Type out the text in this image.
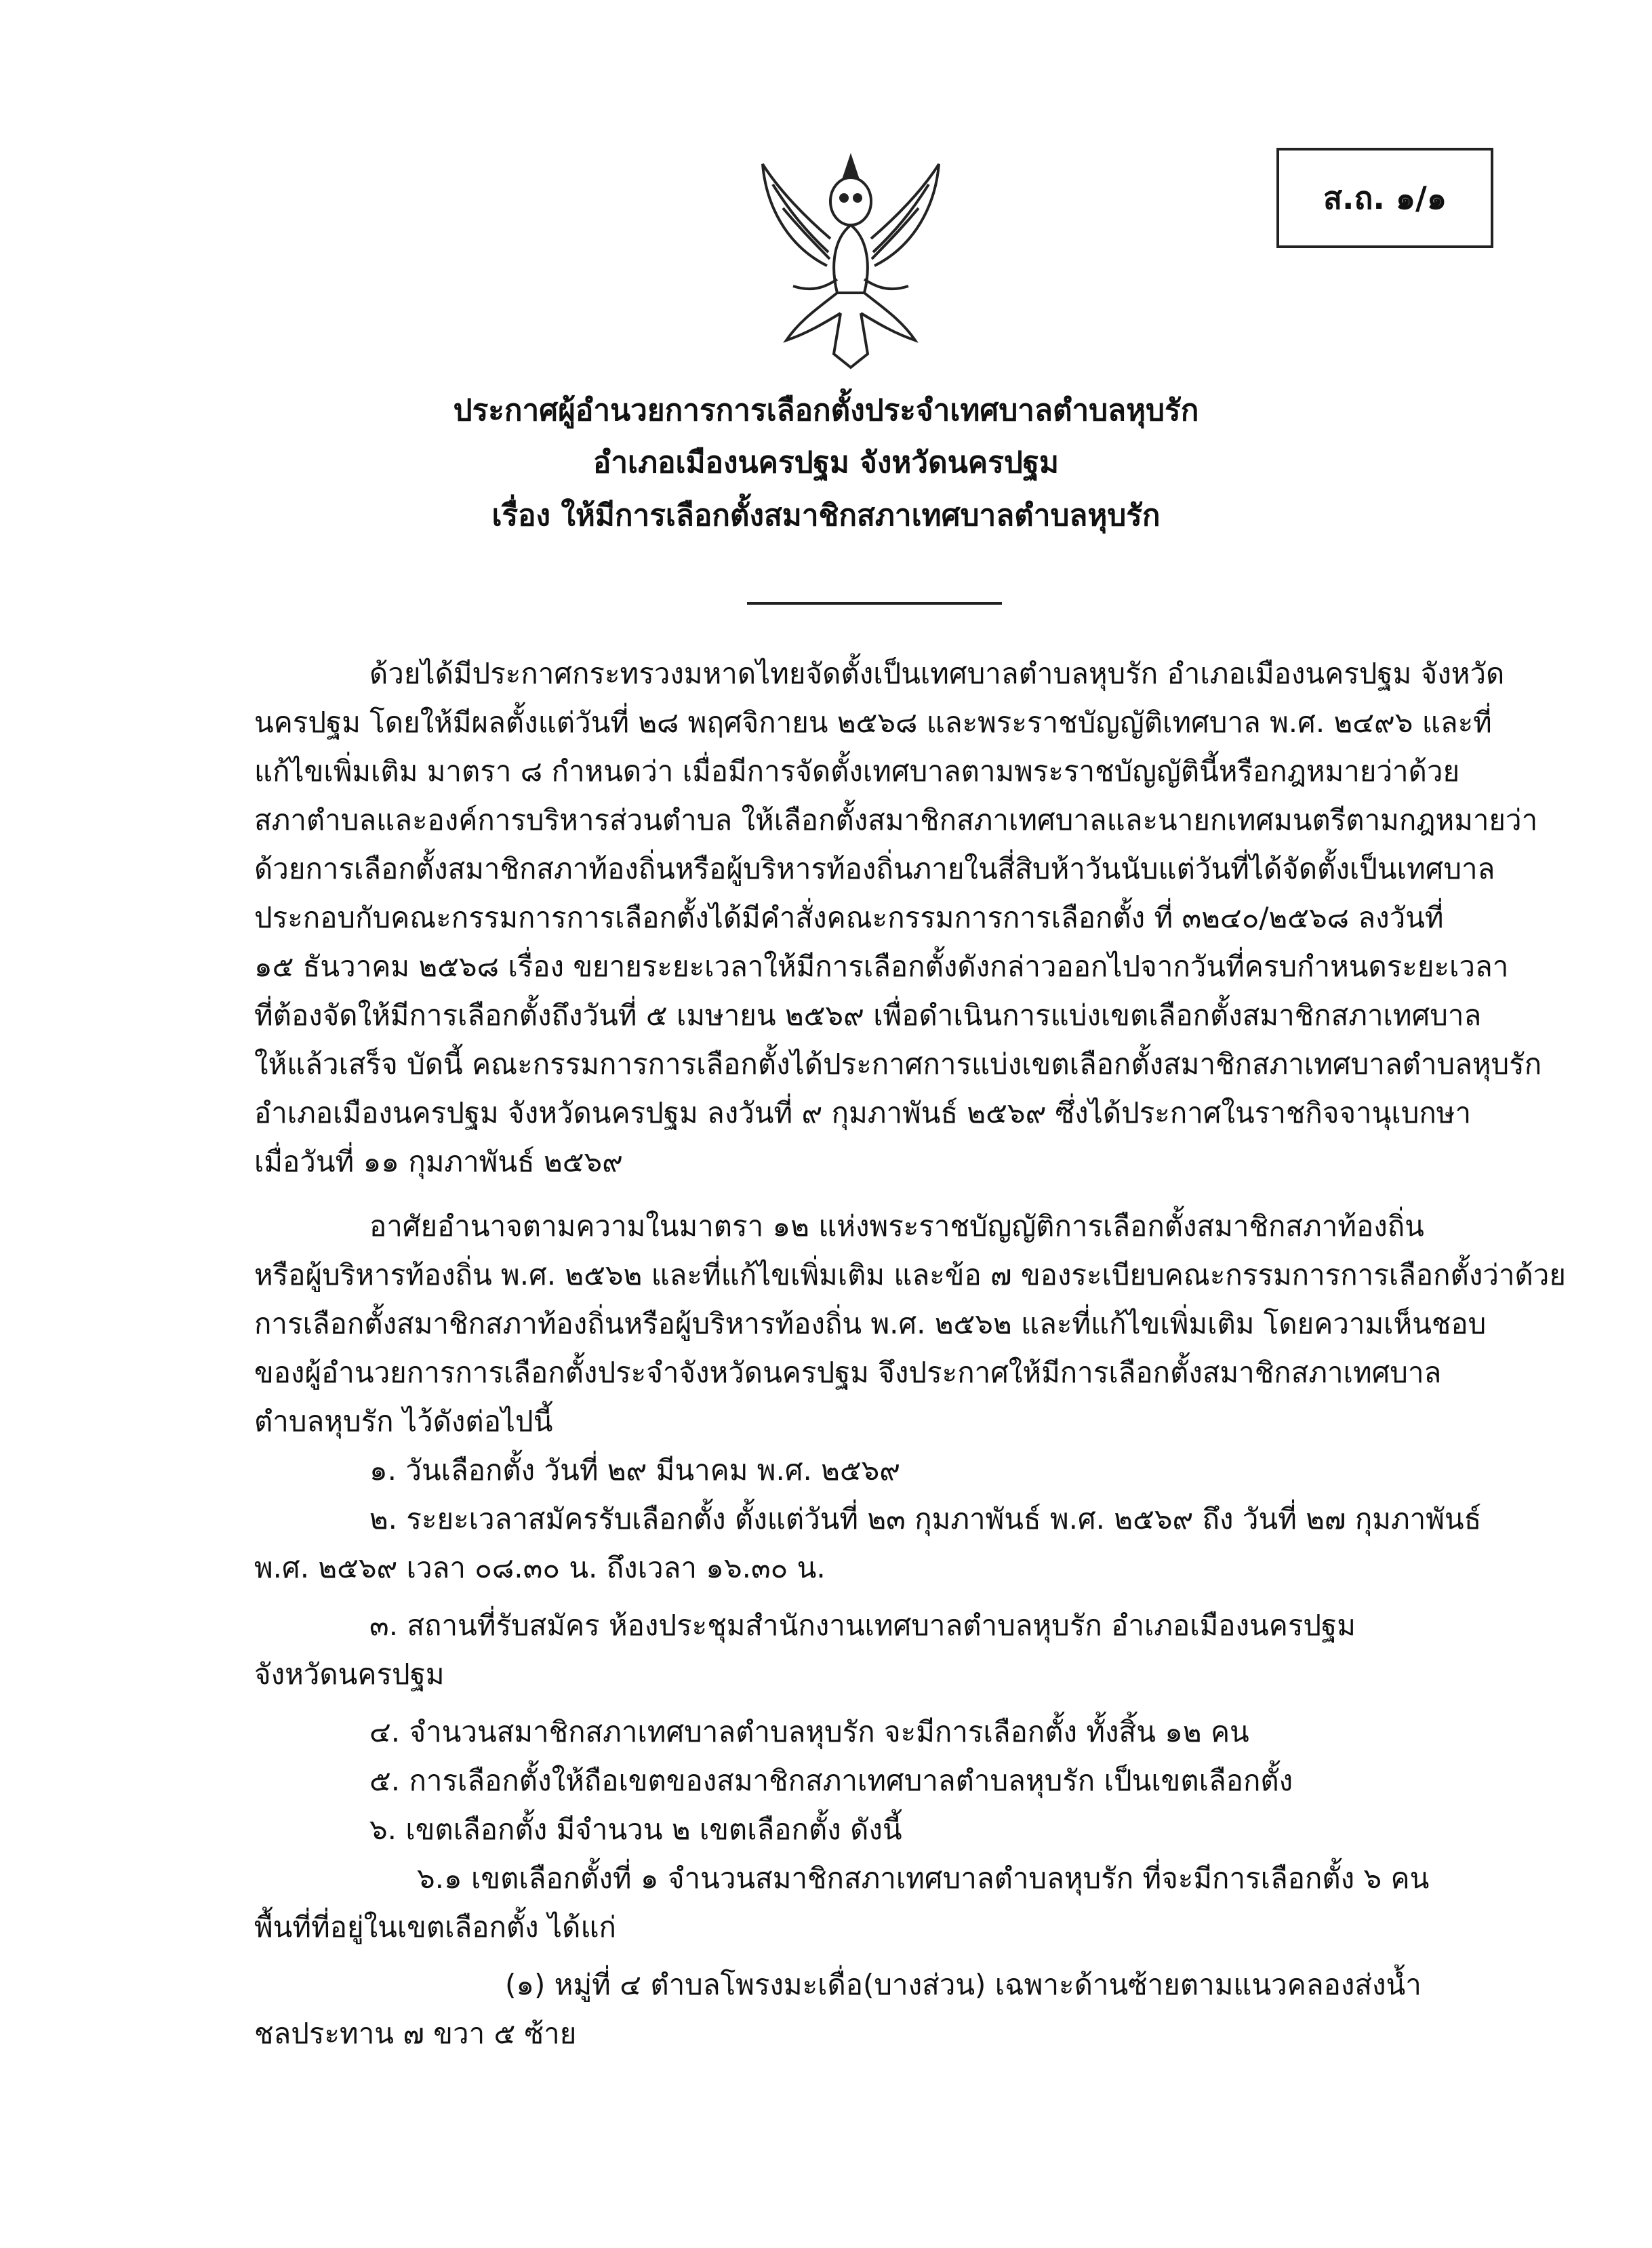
ส.ถ. ๑/๑
ประกาศผู้อำนวยการการเลือกตั้งประจำเทศบาลตำบลหุบรัก
อำเภอเมืองนครปฐม จังหวัดนครปฐม
เรื่อง ให้มีการเลือกตั้งสมาชิกสภาเทศบาลตำบลหุบรัก
ด้วยได้มีประกาศกระทรวงมหาดไทยจัดตั้งเป็นเทศบาลตำบลหุบรัก อำเภอเมืองนครปฐม จังหวัด
นครปฐม โดยให้มีผลตั้งแต่วันที่ ๒๘ พฤศจิกายน ๒๕๖๘ และพระราชบัญญัติเทศบาล พ.ศ. ๒๔๙๖ และที่
แก้ไขเพิ่มเติม มาตรา ๘ กำหนดว่า เมื่อมีการจัดตั้งเทศบาลตามพระราชบัญญัตินี้หรือกฎหมายว่าด้วย
สภาตำบลและองค์การบริหารส่วนตำบล ให้เลือกตั้งสมาชิกสภาเทศบาลและนายกเทศมนตรีตามกฎหมายว่า
ด้วยการเลือกตั้งสมาชิกสภาท้องถิ่นหรือผู้บริหารท้องถิ่นภายในสี่สิบห้าวันนับแต่วันที่ได้จัดตั้งเป็นเทศบาล
ประกอบกับคณะกรรมการการเลือกตั้งได้มีคำสั่งคณะกรรมการการเลือกตั้ง ที่ ๓๒๔๐/๒๕๖๘ ลงวันที่
๑๕ ธันวาคม ๒๕๖๘ เรื่อง ขยายระยะเวลาให้มีการเลือกตั้งดังกล่าวออกไปจากวันที่ครบกำหนดระยะเวลา
ที่ต้องจัดให้มีการเลือกตั้งถึงวันที่ ๕ เมษายน ๒๕๖๙ เพื่อดำเนินการแบ่งเขตเลือกตั้งสมาชิกสภาเทศบาล
ให้แล้วเสร็จ บัดนี้ คณะกรรมการการเลือกตั้งได้ประกาศการแบ่งเขตเลือกตั้งสมาชิกสภาเทศบาลตำบลหุบรัก
อำเภอเมืองนครปฐม จังหวัดนครปฐม ลงวันที่ ๙ กุมภาพันธ์ ๒๕๖๙ ซึ่งได้ประกาศในราชกิจจานุเบกษา
เมื่อวันที่ ๑๑ กุมภาพันธ์ ๒๕๖๙
อาศัยอำนาจตามความในมาตรา ๑๒ แห่งพระราชบัญญัติการเลือกตั้งสมาชิกสภาท้องถิ่น
หรือผู้บริหารท้องถิ่น พ.ศ. ๒๕๖๒ และที่แก้ไขเพิ่มเติม และข้อ ๗ ของระเบียบคณะกรรมการการเลือกตั้งว่าด้วย
การเลือกตั้งสมาชิกสภาท้องถิ่นหรือผู้บริหารท้องถิ่น พ.ศ. ๒๕๖๒ และที่แก้ไขเพิ่มเติม โดยความเห็นชอบ
ของผู้อำนวยการการเลือกตั้งประจำจังหวัดนครปฐม จึงประกาศให้มีการเลือกตั้งสมาชิกสภาเทศบาล
ตำบลหุบรัก ไว้ดังต่อไปนี้
๑. วันเลือกตั้ง วันที่ ๒๙ มีนาคม พ.ศ. ๒๕๖๙
๒. ระยะเวลาสมัครรับเลือกตั้ง ตั้งแต่วันที่ ๒๓ กุมภาพันธ์ พ.ศ. ๒๕๖๙ ถึง วันที่ ๒๗ กุมภาพันธ์
พ.ศ. ๒๕๖๙ เวลา ๐๘.๓๐ น. ถึงเวลา ๑๖.๓๐ น.
๓. สถานที่รับสมัคร ห้องประชุมสำนักงานเทศบาลตำบลหุบรัก อำเภอเมืองนครปฐม
จังหวัดนครปฐม
๔. จำนวนสมาชิกสภาเทศบาลตำบลหุบรัก จะมีการเลือกตั้ง ทั้งสิ้น ๑๒ คน
๕. การเลือกตั้งให้ถือเขตของสมาชิกสภาเทศบาลตำบลหุบรัก เป็นเขตเลือกตั้ง
๖. เขตเลือกตั้ง มีจำนวน ๒ เขตเลือกตั้ง ดังนี้
๖.๑ เขตเลือกตั้งที่ ๑ จำนวนสมาชิกสภาเทศบาลตำบลหุบรัก ที่จะมีการเลือกตั้ง ๖ คน
พื้นที่ที่อยู่ในเขตเลือกตั้ง ได้แก่
(๑) หมู่ที่ ๔ ตำบลโพรงมะเดื่อ(บางส่วน) เฉพาะด้านซ้ายตามแนวคลองส่งน้ำ
ชลประทาน ๗ ขวา ๕ ซ้าย
